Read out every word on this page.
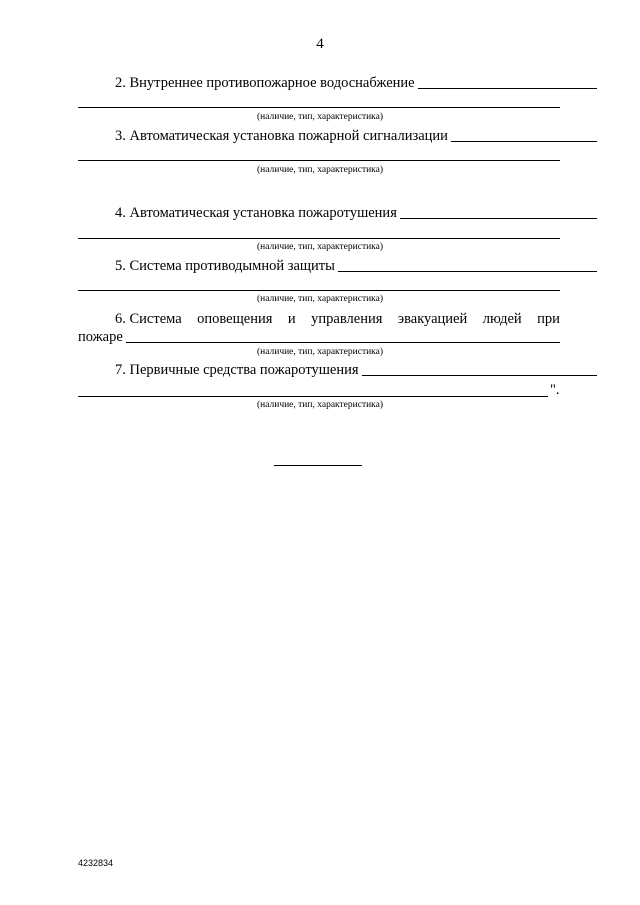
4
2. Внутреннее противопожарное водоснабжение
(наличие, тип, характеристика)
3. Автоматическая установка пожарной сигнализации
(наличие, тип, характеристика)
4. Автоматическая установка пожаротушения
(наличие, тип, характеристика)
5. Система противодымной защиты
(наличие, тип, характеристика)
6. Система оповещения и управления эвакуацией людей при
пожаре
(наличие, тип, характеристика)
7. Первичные средства пожаротушения
".
(наличие, тип, характеристика)
4232834
